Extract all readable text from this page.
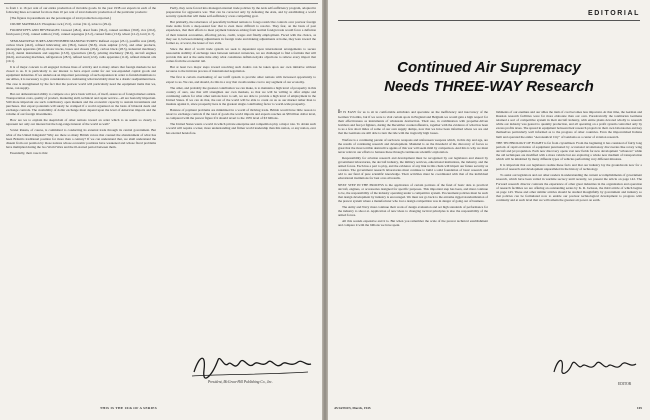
to from 1 to 16 per cent of our entire production of movable goods. In the year 1938 our exports in each of the following lines accounted for more than 10 per cent of total domestic production of the particular products:

(The figures in parenthesis are the percentages of total production exported.)

CRUDE MATERIALS: Phosphate rock (15.5), cotton (32.1), tobacco (29.4).

FOODSTUFFS AND BEVERAGES: Linseed (48.4), dried fruits (36.2), canned sardines (39.8), rice (20.2), fresh pears (15.9), canned salmon (13.6), canned asparagus (13.2), canned fruits (13.6), wheat (12.2), lard (11.7).

SEMI-MANUFACTURES AND FINISHED MANUFACTURES: Refined copper (23.1), paraffin wax (46.8), carbon black (44.0), refined lubricating oils (38.2), benzol (30.8), crude sulphur (15.5), and other products, phonograph apparatus (20.4), motor trucks, buses and chassis (28.4), carbon black (28.5), industrial machinery (14.2), dental instruments and supplies (13.8), typewriters (46.3), printing machinery (30.6), aircraft engines (64.6), and sewing machines, refrigerators (28.5), refined lead (12.0), radio apparatus (11.6), refined mineral oils (10.1).

It is of major concern to all engaged in these lines of activity and to many others that foreign markets be not closed to us. It is particularly to our interest to have export outlet for our war-expanded capital goods and equipment industries. If we undertook an important percentage of such expansion in order to furnish munitions to our Allies, it is necessary to give consideration to cushioning what inevitably must be a drastic readjustment here. The case is strengthened by the fact that the postwar world will particularly need the equipment items that we, alone, can supply.

But our demonstrated ability to compete on a price basis will not, of itself, assure us of foreign market outlets. Transportation costs, quality of product, marketing skill, technical and repair service—all are basically important. Still more important are such contributory open markets and the economic capacity to sustain investments and purchases. Our export potentials will surely be cramped if a world organized on the basis of bilateral deals and exchange controls. The availability of dollar exchange must depend upon the level of American imports and the volume of our foreign investments.

How are we to explain the skepticism of other nations toward an order which to us seems so clearly to represent not only our interest but the long-range interest of the world as well?

Soviet Russia, of course, is committed to conducting its external trade through its central government. But what of the United Kingdom? Why are there so many British voices that counsel the abandonment of what has been Britain's traditional position for more than a century? If we can understand that, we shall understand the dissent from our position by those nations whose economic positions have weakened and whose fiscal problems have multiplied during the two World Wars and the ill-starred period between them.

Essentially, their case is this:

Partly, they were forced into managed external trade policies by the Axis self-sufficiency program, adopted in preparation for aggressive war. That can be corrected only by defeating the Axis, and by establishing a world security system that will make self-sufficiency a less compelling goal.

But primarily, the reluctance of peacefully inclined nations to forego restrictive controls over postwar foreign trade stems from a deep-seated fear that is even more difficult to resolve. They fear, on the basis of past experience, that their efforts to meet payment balances arising from normal foreign trade would force a deflation of their internal economies, affecting prices, credit, wages and finally employment. Faced with the choice, as they see it, between making adjustments in foreign trade and making adjustments at home, they lean toward the former as, at worst, the lesser of two evils.

Since the kind of world trade system we seek is dependent upon international arrangements to secure reasonable stability of exchange rates between national currencies, we are challenged to find a formula that will provide this and at the same time allay what constitutes deflation-hydra objections to relieve every import that comes from the economic tail.

But at least two major steps toward resolving such doubts can be taken upon our own initiative without recourse to the intricate process of international negotiation.

The first is certain overhauling of our tariff system to provide other nations with increased opportunity to export to us. We can, and should, do this in a way that avoids undue cost to any segment of our economy.

The other, and probably the greatest contribution we can make, is to maintain a high level of prosperity in this country of ours, one that will strengthen our own markets, so that we will be willing to offer ample and continuing outlets for what other nations have to sell, we are able to provide a high level of employment in the United States. If we can do that, the rest of the world will be able to count on us as our market rather than to insulate against it, since prosperity here is the greatest single contributing factor to world-wide prosperity.

Balance of payment problems are minimized in a world of thriving trade. British would have little reason to resort to exchange controls if the total of goods the world imports and exports reaches an $8 billion dollar level, as compared with the prewar figure if it should revert to the 1935 level of $3 billions.

The United States wants a world in which private enterprise and competition play a major role. To obtain such a world will require a wiser, more understanding and firmer world leadership than this nation, or any nation, ever has exerted heretofore.

President, McGraw-Hill Publishing Co., Inc.
THIS IS THE 10th OF A SERIES
EDITORIAL
Continued Air Supremacy
Needs THREE-WAY Research

IT IS EASY for us to sit in comfortable armchairs and speculate on the inefficiency and inaccuracy of the German V-bombs, but if we were to visit certain spots in England and Belgium we would gain a high respect for their effectiveness as instruments of wholesale destruction. Their use, in combination with propeller-driven bombers and fast jet fighters, during the December counteroffensive, together with the evidence of what has been to us a few short miles of some of our own supply dumps, now that we have been informed where we are and that the Germans are still able to turn the tide with the tragically high losses.

Warfare is a continuing parade of such new weapons and unforeseen weapons which, in this day and age, are the results of continuing research and development. Mankind is on the threshold of the discovery of forces so great that the most terrible destructive agents of this war will seem mild by comparison. And this is why we must never relax in our efforts to harness these through continuous scientific exploration.

Responsibility for aviation research and development must be recognized by our legislators and shared by government laboratories, the aircraft industry, the military services, educational institutions, the industry, and the armed forces. Each has a part to play, and the evidence of any link in this chain will impair our future security as a nation. The government research laboratories must continue to build a solid foundation of basic research and add to our fund of pure scientific knowledge. Their activities must be coordinated with that of the individual educational institutions for best over-all results.

NEXT STEP IN THE PROCESS is the application of certain portions of the fund of basic data to practical aircraft, engines, or accessories designed for specific purposes. This important step has been, and must continue to be, the responsibility of the industry operating under a competitive system. Procurement policies must be such that design development by industry is encouraged. We must not go back to the extreme rigged standardization of the prewar system where a manufacturer who lost a design competition was in danger of going out of business.

The Army and Navy must continue their work of design evaluation and set high standards of performance for the industry to shoot at. Application of new ideas to changing tactical principles is also the responsibility of the armed forces.

All this sounds expensive and it is. But when you remember the scale of the prewar technical establishment and compare it with the billions we have spent.

lishments of our enemies and our allies the item of cost becomes less important. At that time, the German and Russian research facilities were far more elaborate than our own. Paradoxically the totalitarian Germans retained a sort of competitive system in their aircraft industry, with entire plants devoted wholly to research while our industry was geared to quantity production, and all operating on a profit system controlled only by excess profits taxes. The spread in equipment between their research projects in their own laboratories and key themselves particularly well informed as to the progress of other countries. Even the impoverished Italians built and operated the entire "Aeronautical City" of Guidonia as a center of aviation research.

THE TECHNOLOGY OF FLIGHT is far from crystallized. From the beginning it has consisted of fairly long periods of rapid evolution of equipment punctuated by occasional revolutionary discoveries like rotary wing aircraft and jet propulsion. Each new discovery opens vast new fields for new development "advances" while the old techniques are modified with a more vehicle but are exploring a whole new medium of transportation which will be inhabited by many different types of vehicles performing very different missions.

It is important that our legislators realize these facts and that our industry lay the groundwork now for a period of research and development unparalleled in the history of technology.

To assist our legislators and our other readers in understanding the current accomplishments of government research, which have been veiled in wartime secrecy until recently, we present the article on page 142. The Forward research director contrasts the experience of other great industries in the organization and operation of research facilities we are offering an outstanding series by K. R. Jackson, the third article of which begins on page 143. These and other similar articles should be studied thoughtfully by government and industry so that policies can be formulated now to enable our postwar technological development to progress with continuity and at such level that we will remain the greatest air power on earth.

EDITOR
AVIATION, March, 1945	105
